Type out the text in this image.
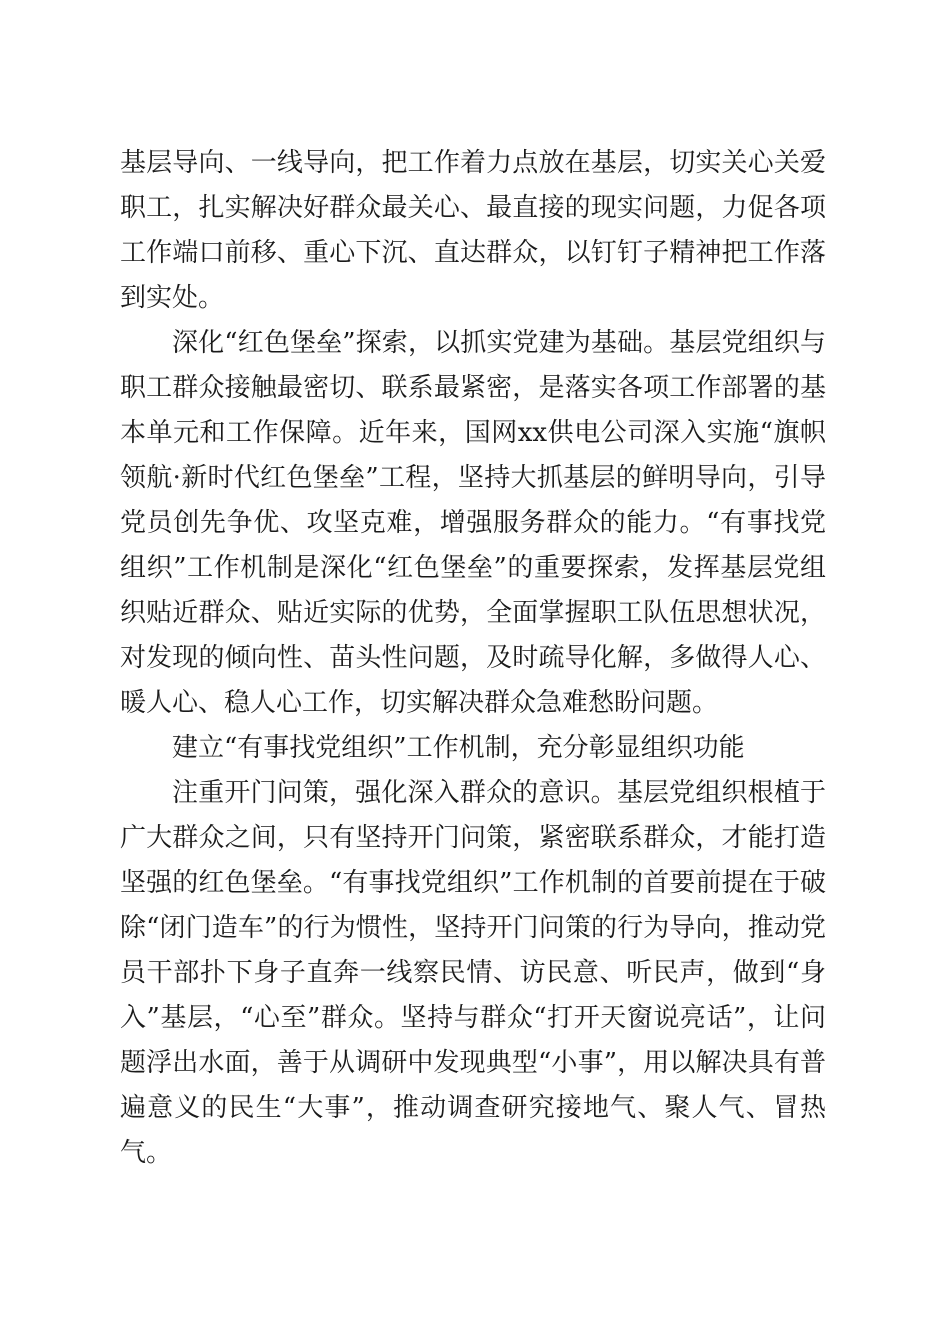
基层导向、一线导向，把工作着力点放在基层，切实关心关爱职工，扎实解决好群众最关心、最直接的现实问题，力促各项工作端口前移、重心下沉、直达群众，以钉钉子精神把工作落到实处。

深化“红色堡垒”探索，以抓实党建为基础。基层党组织与职工群众接触最密切、联系最紧密，是落实各项工作部署的基本单元和工作保障。近年来，国网xx供电公司深入实施“旗帜领航·新时代红色堡垒”工程，坚持大抓基层的鲜明导向，引导党员创先争优、攻坚克难，增强服务群众的能力。“有事找党组织”工作机制是深化“红色堡垒”的重要探索，发挥基层党组织贴近群众、贴近实际的优势，全面掌握职工队伍思想状况，对发现的倾向性、苗头性问题，及时疏导化解，多做得人心、暖人心、稳人心工作，切实解决群众急难愁盼问题。

建立“有事找党组织”工作机制，充分彰显组织功能

注重开门问策，强化深入群众的意识。基层党组织根植于广大群众之间，只有坚持开门问策，紧密联系群众，才能打造坚强的红色堡垒。“有事找党组织”工作机制的首要前提在于破除“闭门造车”的行为惯性，坚持开门问策的行为导向，推动党员干部扑下身子直奔一线察民情、访民意、听民声，做到“身入”基层，“心至”群众。坚持与群众“打开天窗说亮话”，让问题浮出水面，善于从调研中发现典型“小事”，用以解决具有普遍意义的民生“大事”，推动调查研究接地气、聚人气、冒热气。
